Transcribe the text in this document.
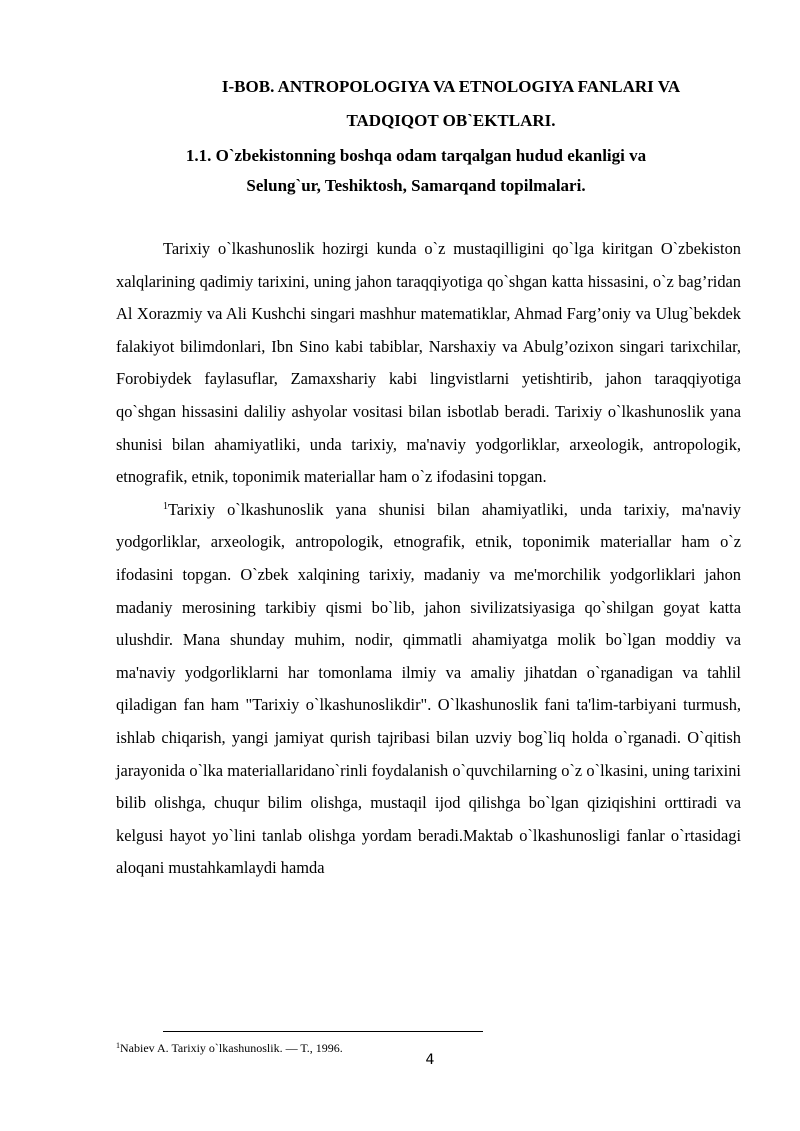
I-BOB. ANTROPOLOGIYA VA ETNOLOGIYA FANLARI VA
TADQIQOT OB`EKTLARI.
1.1. O`zbekistonning boshqa odam tarqalgan hudud ekanligi va
Selung`ur, Teshiktosh, Samarqand topilmalari.

Tarixiy o`lkashunoslik hozirgi kunda o`z mustaqilligini qo`lga kiritgan O`zbekiston xalqlarining qadimiy tarixini, uning jahon taraqqiyotiga qo`shgan katta hissasini, o`z bag’ridan Al Xorazmiy va Ali Kushchi singari mashhur matematiklar, Ahmad Farg’oniy va Ulug`bekdek falakiyot bilimdonlari, Ibn Sino kabi tabiblar, Narshaxiy va Abulg’ozixon singari tarixchilar, Forobiydek faylasuflar, Zamaxshariy kabi lingvistlarni yetishtirib, jahon taraqqiyotiga qo`shgan hissasini daliliy ashyolar vositasi bilan isbotlab beradi. Tarixiy o`lkashunoslik yana shunisi bilan ahamiyatliki, unda tarixiy, ma'naviy yodgorliklar, arxeologik, antropologik, etnografik, etnik, toponimik materiallar ham o`z ifodasini topgan.

$^1$Tarixiy o`lkashunoslik yana shunisi bilan ahamiyatliki, unda tarixiy, ma'naviy yodgorliklar, arxeologik, antropologik, etnografik, etnik, toponimik materiallar ham o`z ifodasini topgan. O`zbek xalqining tarixiy, madaniy va me'morchilik yodgorliklari jahon madaniy merosining tarkibiy qismi bo`lib, jahon sivilizatsiyasiga qo`shilgan goyat katta ulushdir. Mana shunday muhim, nodir, qimmatli ahamiyatga molik bo`lgan moddiy va ma'naviy yodgorliklarni har tomonlama ilmiy va amaliy jihatdan o`rganadigan va tahlil qiladigan fan ham "Tarixiy o`lkashunoslikdir". O`lkashunoslik fani ta'lim-tarbiyani turmush, ishlab chiqarish, yangi jamiyat qurish tajribasi bilan uzviy bog`liq holda o`rganadi. O`qitish jarayonida o`lka materiallaridano`rinli foydalanish o`quvchilarning o`z o`lkasini, uning tarixini bilib olishga, chuqur bilim olishga, mustaqil ijod qilishga bo`lgan qiziqishini orttiradi va kelgusi hayot yo`lini tanlab olishga yordam beradi.Maktab o`lkashunosligi fanlar o`rtasidagi aloqani mustahkamlaydi hamda

$^1$Nabiev A. Tarixiy o`lkashunoslik. — T., 1996.
4
